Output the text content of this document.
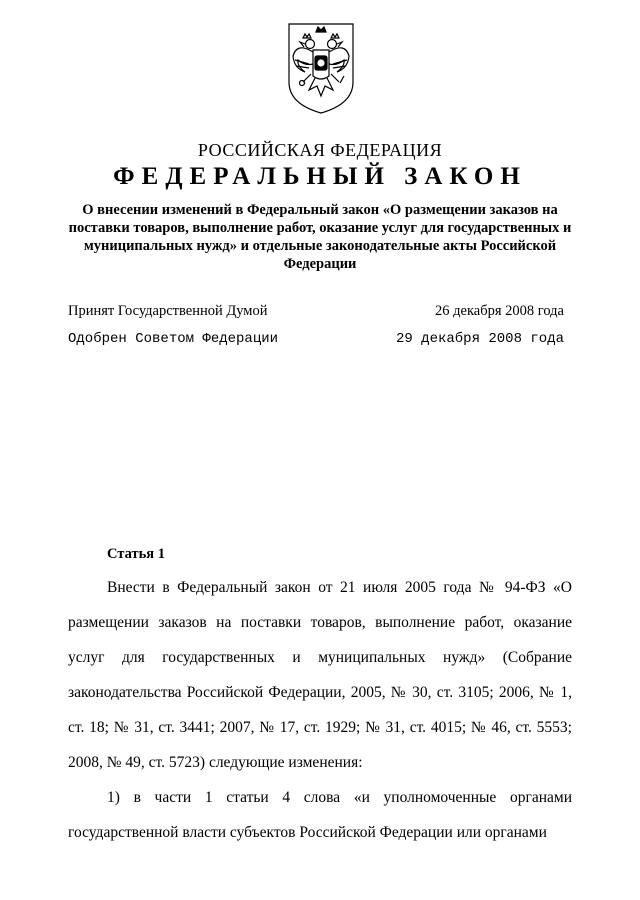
РОССИЙСКАЯ ФЕДЕРАЦИЯ
ФЕДЕРАЛЬНЫЙ ЗАКОН
О внесении изменений в Федеральный закон «О размещении заказов на поставки товаров, выполнение работ, оказание услуг для государственных и муниципальных нужд» и отдельные законодательные акты Российской Федерации
Принят Государственной Думой	26 декабря 2008 года
Одобрен Советом Федерации	29 декабря 2008 года
Статья 1

Внести в Федеральный закон от 21 июля 2005 года № 94-ФЗ «О размещении заказов на поставки товаров, выполнение работ, оказание услуг для государственных и муниципальных нужд» (Собрание законодательства Российской Федерации, 2005, № 30, ст. 3105; 2006, № 1, ст. 18; № 31, ст. 3441; 2007, № 17, ст. 1929; № 31, ст. 4015; № 46, ст. 5553; 2008, № 49, ст. 5723) следующие изменения:

1) в части 1 статьи 4 слова «и уполномоченные органами государственной власти субъектов Российской Федерации или органами
